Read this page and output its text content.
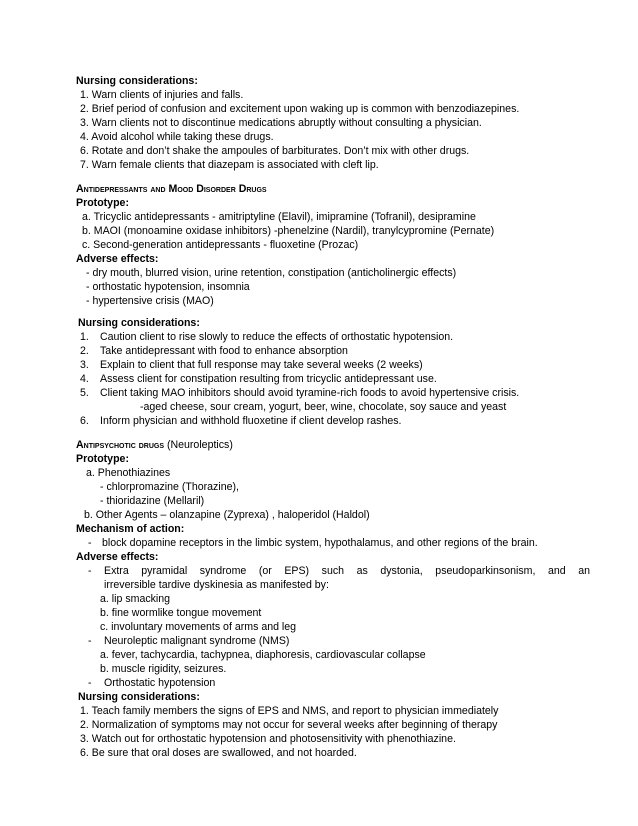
Nursing considerations:
1. Warn clients of injuries and falls.
2. Brief period of confusion and excitement upon waking up is common with benzodiazepines.
3. Warn clients not to discontinue medications abruptly without consulting a physician.
4. Avoid alcohol while taking these drugs.
6. Rotate and don’t shake the ampoules of barbiturates. Don’t mix with other drugs.
7. Warn female clients that diazepam is associated with cleft lip.
Antidepressants and Mood Disorder Drugs
Prototype:
a. Tricyclic antidepressants - amitriptyline (Elavil), imipramine (Tofranil), desipramine
b. MAOI (monoamine oxidase inhibitors) -phenelzine (Nardil), tranylcypromine (Pernate)
c. Second-generation antidepressants - fluoxetine (Prozac)
Adverse effects:
- dry mouth, blurred vision, urine retention, constipation (anticholinergic effects)
- orthostatic hypotension, insomnia
- hypertensive crisis (MAO)
Nursing considerations:
1. Caution client to rise slowly to reduce the effects of orthostatic hypotension.
2. Take antidepressant with food to enhance absorption
3. Explain to client that full response may take several weeks (2 weeks)
4. Assess client for constipation resulting from tricyclic antidepressant use.
5. Client taking MAO inhibitors should avoid tyramine-rich foods to avoid hypertensive crisis.
-aged cheese, sour cream, yogurt, beer, wine, chocolate, soy sauce and yeast
6. Inform physician and withhold fluoxetine if client develop rashes.
Antipsychotic drugs (Neuroleptics)
Prototype:
a. Phenothiazines
- chlorpromazine (Thorazine),
- thioridazine (Mellaril)
b. Other Agents – olanzapine (Zyprexa) , haloperidol (Haldol)
Mechanism of action:
- block dopamine receptors in the limbic system, hypothalamus, and other regions of the brain.
Adverse effects:
- Extra pyramidal syndrome (or EPS) such as dystonia, pseudoparkinsonism, and an
irreversible tardive dyskinesia as manifested by:
a. lip smacking
b. fine wormlike tongue movement
c. involuntary movements of arms and leg
- Neuroleptic malignant syndrome (NMS)
a. fever, tachycardia, tachypnea, diaphoresis, cardiovascular collapse
b. muscle rigidity, seizures.
- Orthostatic hypotension
Nursing considerations:
1. Teach family members the signs of EPS and NMS, and report to physician immediately
2. Normalization of symptoms may not occur for several weeks after beginning of therapy
3. Watch out for orthostatic hypotension and photosensitivity with phenothiazine.
6. Be sure that oral doses are swallowed, and not hoarded.
